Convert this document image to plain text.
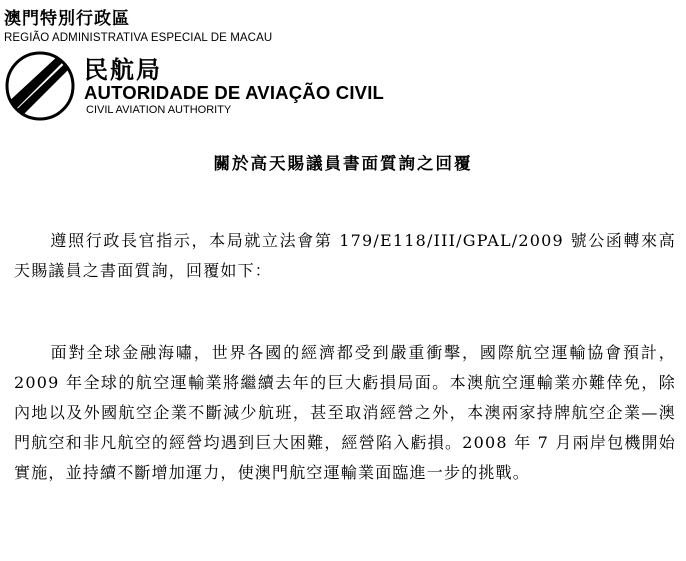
澳門特別行政區
REGIÃO ADMINISTRATIVA ESPECIAL DE MACAU
民航局
AUTORIDADE DE AVIAÇÃO CIVIL
CIVIL AVIATION AUTHORITY
關於高天賜議員書面質詢之回覆
遵照行政長官指示，本局就立法會第 179/E118/III/GPAL/2009 號公函轉來高天賜議員之書面質詢，回覆如下：
面對全球金融海嘯，世界各國的經濟都受到嚴重衝擊，國際航空運輸協會預計，2009 年全球的航空運輸業將繼續去年的巨大虧損局面。本澳航空運輸業亦難倖免，除內地以及外國航空企業不斷減少航班，甚至取消經營之外，本澳兩家持牌航空企業—澳門航空和非凡航空的經營均遇到巨大困難，經營陷入虧損。2008 年 7 月兩岸包機開始實施，並持續不斷增加運力，使澳門航空運輸業面臨進一步的挑戰。
